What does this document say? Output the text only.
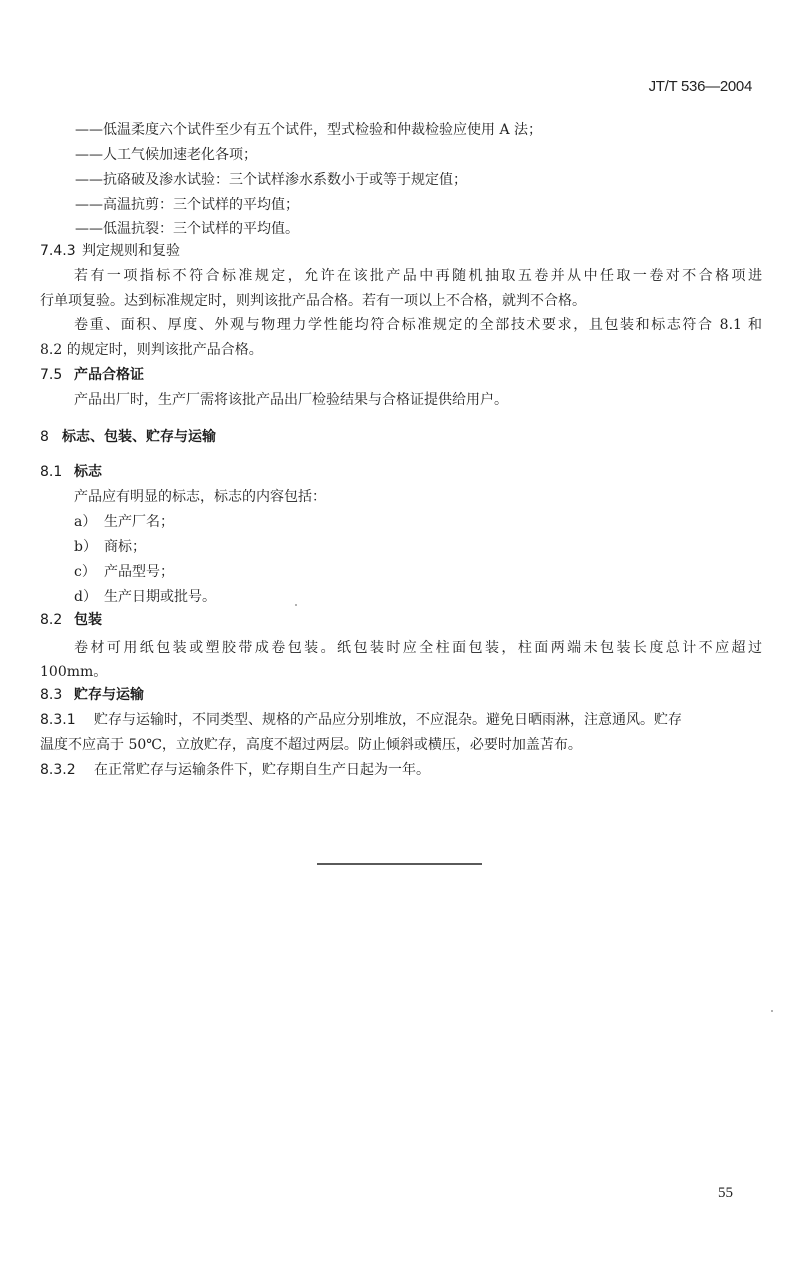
JT/T 536—2004
——低温柔度六个试件至少有五个试件，型式检验和仲裁检验应使用 A 法；
——人工气候加速老化各项；
——抗硌破及渗水试验：三个试样渗水系数小于或等于规定值；
——高温抗剪：三个试样的平均值；
——低温抗裂：三个试样的平均值。
7.4.3 判定规则和复验
若有一项指标不符合标准规定，允许在该批产品中再随机抽取五卷并从中任取一卷对不合格项进
行单项复验。达到标准规定时，则判该批产品合格。若有一项以上不合格，就判不合格。
卷重、面积、厚度、外观与物理力学性能均符合标准规定的全部技术要求，且包装和标志符合 8.1 和
8.2 的规定时，则判该批产品合格。
7.5 产品合格证
产品出厂时，生产厂需将该批产品出厂检验结果与合格证提供给用户。
8 标志、包装、贮存与运输
8.1 标志
产品应有明显的标志，标志的内容包括：
a） 生产厂名；
b） 商标；
c） 产品型号；
d） 生产日期或批号。
8.2 包装
卷材可用纸包装或塑胶带成卷包装。纸包装时应全柱面包装，柱面两端未包装长度总计不应超过
100mm。
8.3 贮存与运输
8.3.1 贮存与运输时，不同类型、规格的产品应分别堆放，不应混杂。避免日晒雨淋，注意通风。贮存
温度不应高于 50℃，立放贮存，高度不超过两层。防止倾斜或横压，必要时加盖苫布。
8.3.2 在正常贮存与运输条件下，贮存期自生产日起为一年。
55
